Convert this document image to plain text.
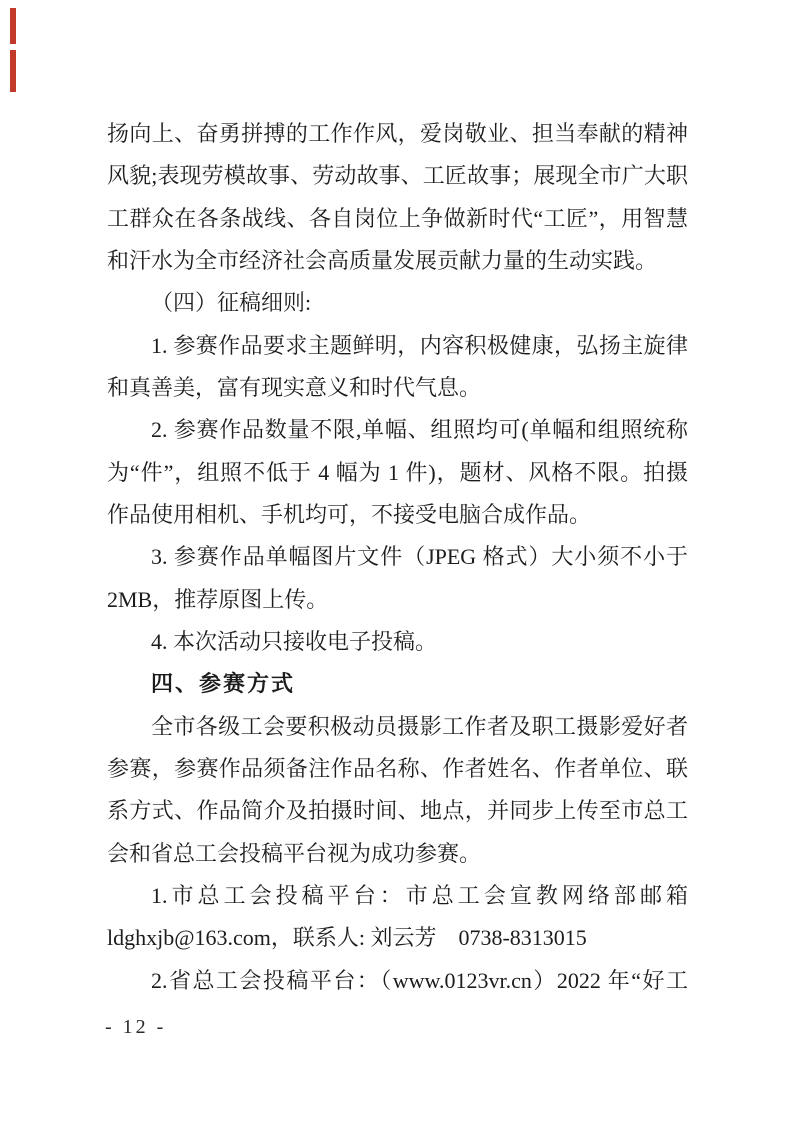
扬向上、奋勇拼搏的工作作风，爱岗敬业、担当奉献的精神
风貌;表现劳模故事、劳动故事、工匠故事；展现全市广大职
工群众在各条战线、各自岗位上争做新时代“工匠”，用智慧
和汗水为全市经济社会高质量发展贡献力量的生动实践。
（四）征稿细则:
1. 参赛作品要求主题鲜明，内容积极健康，弘扬主旋律
和真善美，富有现实意义和时代气息。
2. 参赛作品数量不限,单幅、组照均可(单幅和组照统称
为“件”，组照不低于 4 幅为 1 件)，题材、风格不限。拍摄
作品使用相机、手机均可，不接受电脑合成作品。
3. 参赛作品单幅图片文件（JPEG 格式）大小须不小于
2MB，推荐原图上传。
4. 本次活动只接收电子投稿。
四、参赛方式
全市各级工会要积极动员摄影工作者及职工摄影爱好者
参赛，参赛作品须备注作品名称、作者姓名、作者单位、联
系方式、作品简介及拍摄时间、地点，并同步上传至市总工
会和省总工会投稿平台视为成功参赛。
1.市总工会投稿平台：市总工会宣教网络部邮箱
ldghxjb@163.com，联系人: 刘云芳　0738-8313015
2.省总工会投稿平台：（www.0123vr.cn）2022 年“好工
- 12 -
